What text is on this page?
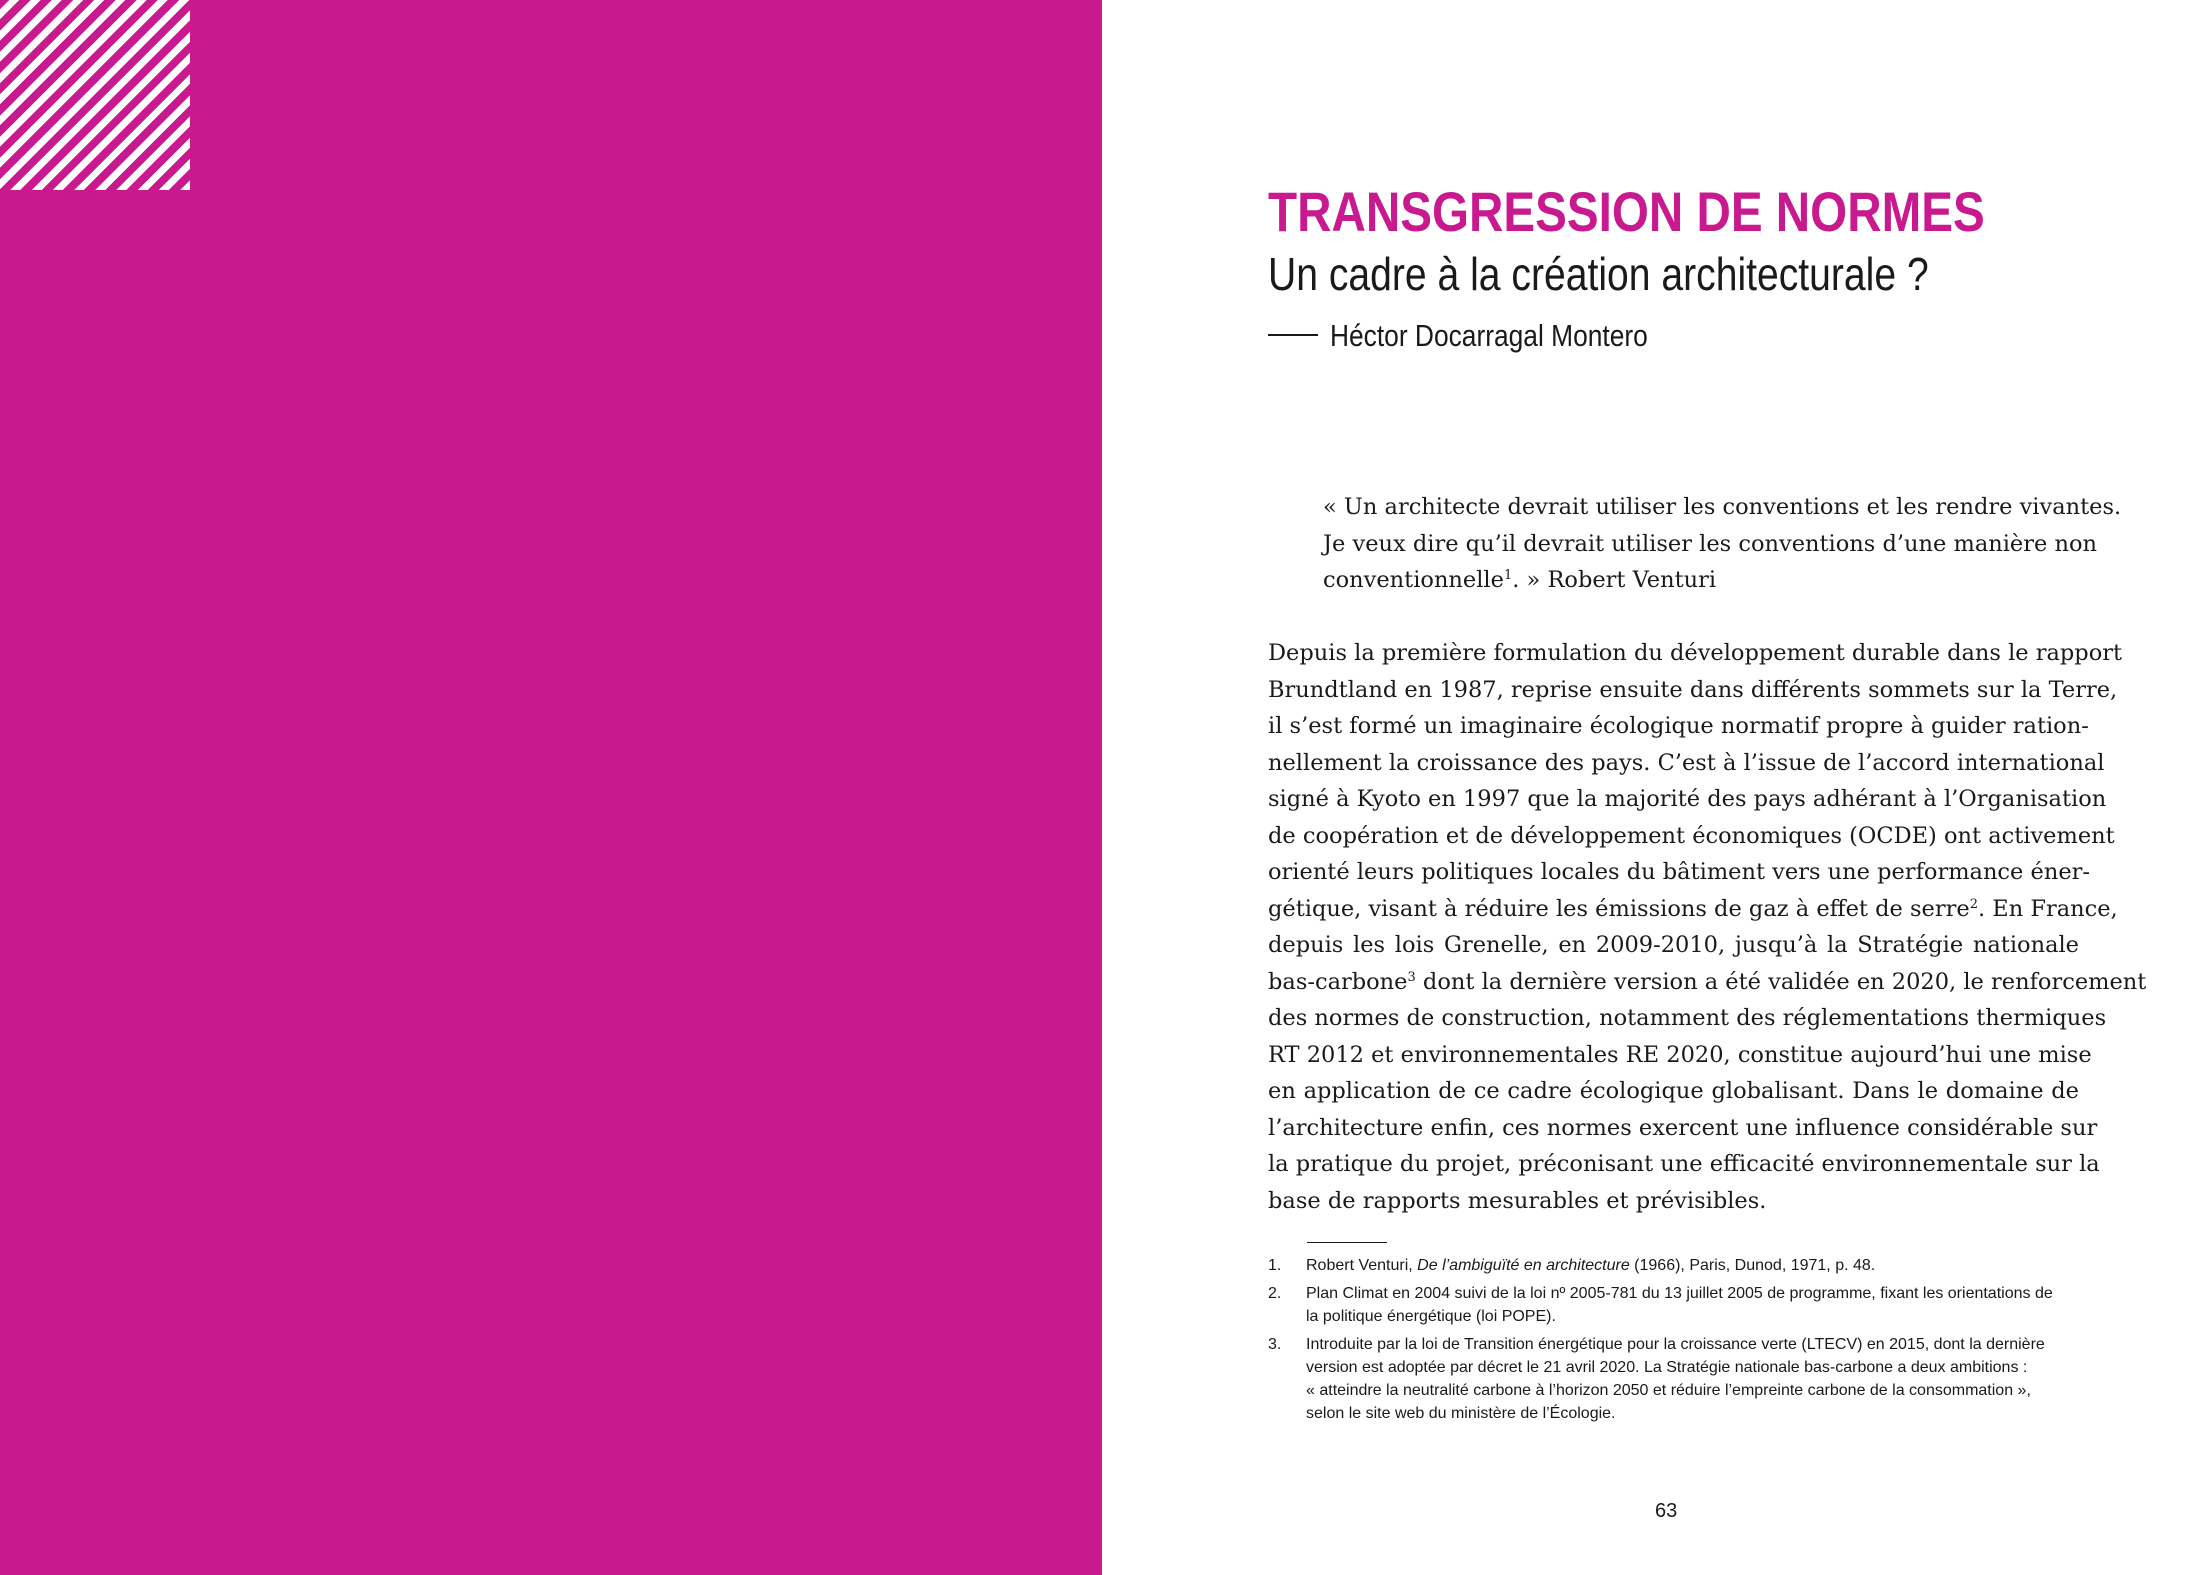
TRANSGRESSION DE NORMES
Un cadre à la création architecturale ?
Héctor Docarragal Montero
« Un architecte devrait utiliser les conventions et les rendre vivantes.
Je veux dire qu’il devrait utiliser les conventions d’une manière non
conventionnelle$^1$. » Robert Venturi
Depuis la première formulation du développement durable dans le rapport
Brundtland en 1987, reprise ensuite dans différents sommets sur la Terre,
il s’est formé un imaginaire écologique normatif propre à guider ration-
nellement la croissance des pays. C’est à l’issue de l’accord international
signé à Kyoto en 1997 que la majorité des pays adhérant à l’Organisation
de coopération et de développement économiques (OCDE) ont activement
orienté leurs politiques locales du bâtiment vers une performance éner-
gétique, visant à réduire les émissions de gaz à effet de serre$^2$. En France,
depuis les lois Grenelle, en 2009-2010, jusqu’à la Stratégie nationale
bas-carbone$^3$ dont la dernière version a été validée en 2020, le renforcement
des normes de construction, notamment des réglementations thermiques
RT 2012 et environnementales RE 2020, constitue aujourd’hui une mise
en application de ce cadre écologique globalisant. Dans le domaine de
l’architecture enfin, ces normes exercent une influence considérable sur
la pratique du projet, préconisant une efficacité environnementale sur la
base de rapports mesurables et prévisibles.
1. Robert Venturi, De l’ambiguïté en architecture (1966), Paris, Dunod, 1971, p. 48.
2. Plan Climat en 2004 suivi de la loi nº 2005-781 du 13 juillet 2005 de programme, fixant les orientations de
la politique énergétique (loi POPE).
3. Introduite par la loi de Transition énergétique pour la croissance verte (LTECV) en 2015, dont la dernière
version est adoptée par décret le 21 avril 2020. La Stratégie nationale bas-carbone a deux ambitions :
« atteindre la neutralité carbone à l’horizon 2050 et réduire l’empreinte carbone de la consommation »,
selon le site web du ministère de l’Écologie.
63
